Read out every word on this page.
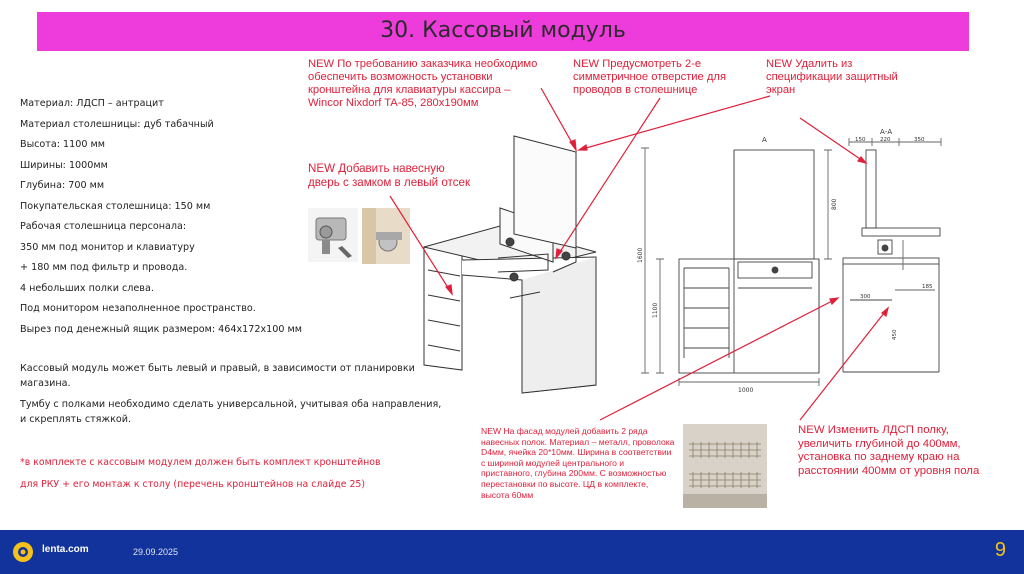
30. Кассовый модуль
Материал: ЛДСП – антрацит
Материал столешницы: дуб табачный
Высота: 1100 мм
Ширины: 1000мм
Глубина: 700 мм
Покупательская столешница: 150 мм
Рабочая столешница персонала:
350 мм под монитор и клавиатуру
+ 180 мм под фильтр и провода.
4 небольших полки слева.
Под монитором незаполненное пространство.
Вырез под денежный ящик размером: 464х172х100 мм
Кассовый модуль может быть левый и правый, в зависимости от планировки магазина.
Тумбу с полками необходимо сделать универсальной, учитывая оба направления, и скреплять стяжкой.
*в комплекте с кассовым модулем должен быть комплект кронштейнов
для РКУ + его монтаж к столу (перечень кронштейнов на слайде 25)
NEW По требованию заказчика необходимо обеспечить возможность установки кронштейна для клавиатуры кассира – Wincor Nixdorf TA-85, 280х190мм
NEW Предусмотреть 2-е симметричное отверстие для проводов в столешнице
NEW Удалить из спецификации защитный экран
NEW Добавить навесную дверь с замком в левый отсек
NEW На фасад модулей добавить 2 ряда навесных полок. Материал – металл, проволока D4мм, ячейка 20*10мм. Ширина в соответствии с шириной модулей центрального и приставного, глубина 200мм. С возможностью перестановки по высоте. ЦД в комплекте, высота 60мм
NEW Изменить ЛДСП полку, увеличить глубиной до 400мм, установка по заднему краю на расстоянии 400мм от уровня пола
1000
1600
1100
800
А
А-А
150	220	350
300
185
450
lenta.com	29.09.2025	9
